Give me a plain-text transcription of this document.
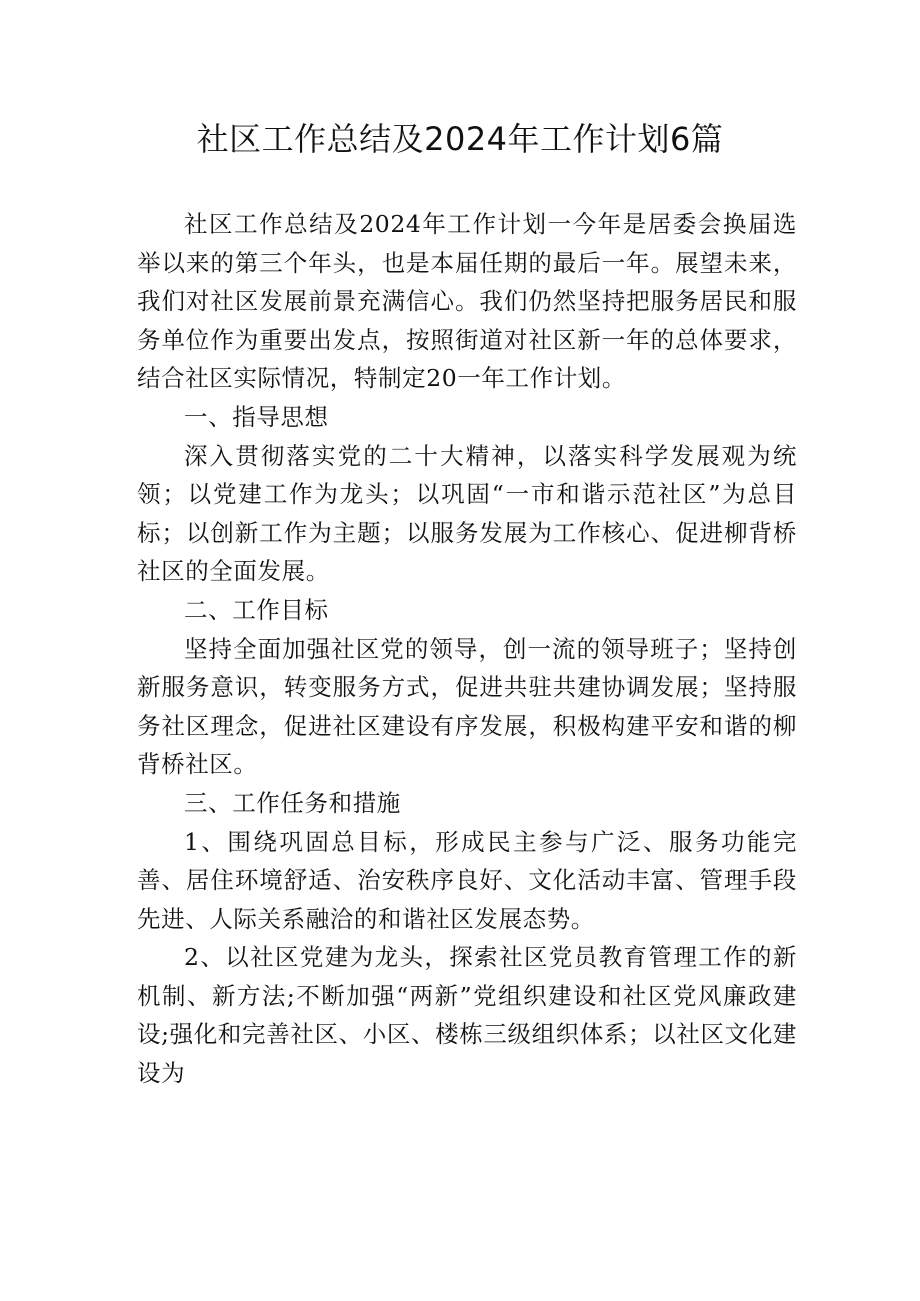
社区工作总结及2024年工作计划6篇

社区工作总结及2024年工作计划一今年是居委会换届选举以来的第三个年头，也是本届任期的最后一年。展望未来，我们对社区发展前景充满信心。我们仍然坚持把服务居民和服务单位作为重要出发点，按照街道对社区新一年的总体要求，结合社区实际情况，特制定20一年工作计划。

一、指导思想

深入贯彻落实党的二十大精神，以落实科学发展观为统领；以党建工作为龙头；以巩固“一市和谐示范社区”为总目标；以创新工作为主题；以服务发展为工作核心、促进柳背桥社区的全面发展。

二、工作目标

坚持全面加强社区党的领导，创一流的领导班子；坚持创新服务意识，转变服务方式，促进共驻共建协调发展；坚持服务社区理念，促进社区建设有序发展，积极构建平安和谐的柳背桥社区。

三、工作任务和措施

1、围绕巩固总目标，形成民主参与广泛、服务功能完善、居住环境舒适、治安秩序良好、文化活动丰富、管理手段先进、人际关系融洽的和谐社区发展态势。

2、以社区党建为龙头，探索社区党员教育管理工作的新机制、新方法;不断加强“两新”党组织建设和社区党风廉政建设;强化和完善社区、小区、楼栋三级组织体系；以社区文化建设为
